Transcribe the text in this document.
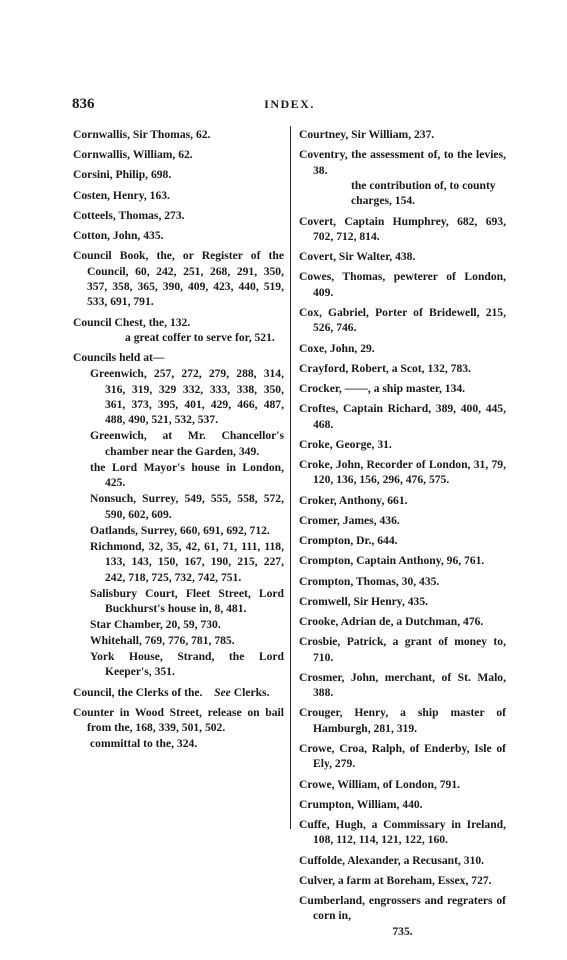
836	INDEX.
Cornwallis, Sir Thomas, 62.
Cornwallis, William, 62.
Corsini, Philip, 698.
Costen, Henry, 163.
Cotteels, Thomas, 273.
Cotton, John, 435.
Council Book, the, or Register of the Council, 60, 242, 251, 268, 291, 350, 357, 358, 365, 390, 409, 423, 440, 519, 533, 691, 791.
Council Chest, the, 132.
a great coffer to serve for, 521.
Councils held at—
Greenwich, 257, 272, 279, 288, 314, 316, 319, 329 332, 333, 338, 350, 361, 373, 395, 401, 429, 466, 487, 488, 490, 521, 532, 537.
Greenwich, at Mr. Chancellor's chamber near the Garden, 349.
the Lord Mayor's house in London, 425.
Nonsuch, Surrey, 549, 555, 558, 572, 590, 602, 609.
Oatlands, Surrey, 660, 691, 692, 712.
Richmond, 32, 35, 42, 61, 71, 111, 118, 133, 143, 150, 167, 190, 215, 227, 242, 718, 725, 732, 742, 751.
Salisbury Court, Fleet Street, Lord Buckhurst's house in, 8, 481.
Star Chamber, 20, 59, 730.
Whitehall, 769, 776, 781, 785.
York House, Strand, the Lord Keeper's, 351.
Council, the Clerks of the. See Clerks.
Counter in Wood Street, release on bail from the, 168, 339, 501, 502.
committal to the, 324.
Courtney, Sir William, 237.
Coventry, the assessment of, to the levies, 38.
the contribution of, to county charges, 154.
Covert, Captain Humphrey, 682, 693, 702, 712, 814.
Covert, Sir Walter, 438.
Cowes, Thomas, pewterer of London, 409.
Cox, Gabriel, Porter of Bridewell, 215, 526, 746.
Coxe, John, 29.
Crayford, Robert, a Scot, 132, 783.
Crocker, ——, a ship master, 134.
Croftes, Captain Richard, 389, 400, 445, 468.
Croke, George, 31.
Croke, John, Recorder of London, 31, 79, 120, 136, 156, 296, 476, 575.
Croker, Anthony, 661.
Cromer, James, 436.
Crompton, Dr., 644.
Crompton, Captain Anthony, 96, 761.
Crompton, Thomas, 30, 435.
Cromwell, Sir Henry, 435.
Crooke, Adrian de, a Dutchman, 476.
Crosbie, Patrick, a grant of money to, 710.
Crosmer, John, merchant, of St. Malo, 388.
Crouger, Henry, a ship master of Hamburgh, 281, 319.
Crowe, Croa, Ralph, of Enderby, Isle of Ely, 279.
Crowe, William, of London, 791.
Crumpton, William, 440.
Cuffe, Hugh, a Commissary in Ireland, 108, 112, 114, 121, 122, 160.
Cuffolde, Alexander, a Recusant, 310.
Culver, a farm at Boreham, Essex, 727.
Cumberland, engrossers and regraters of corn in,
735.
